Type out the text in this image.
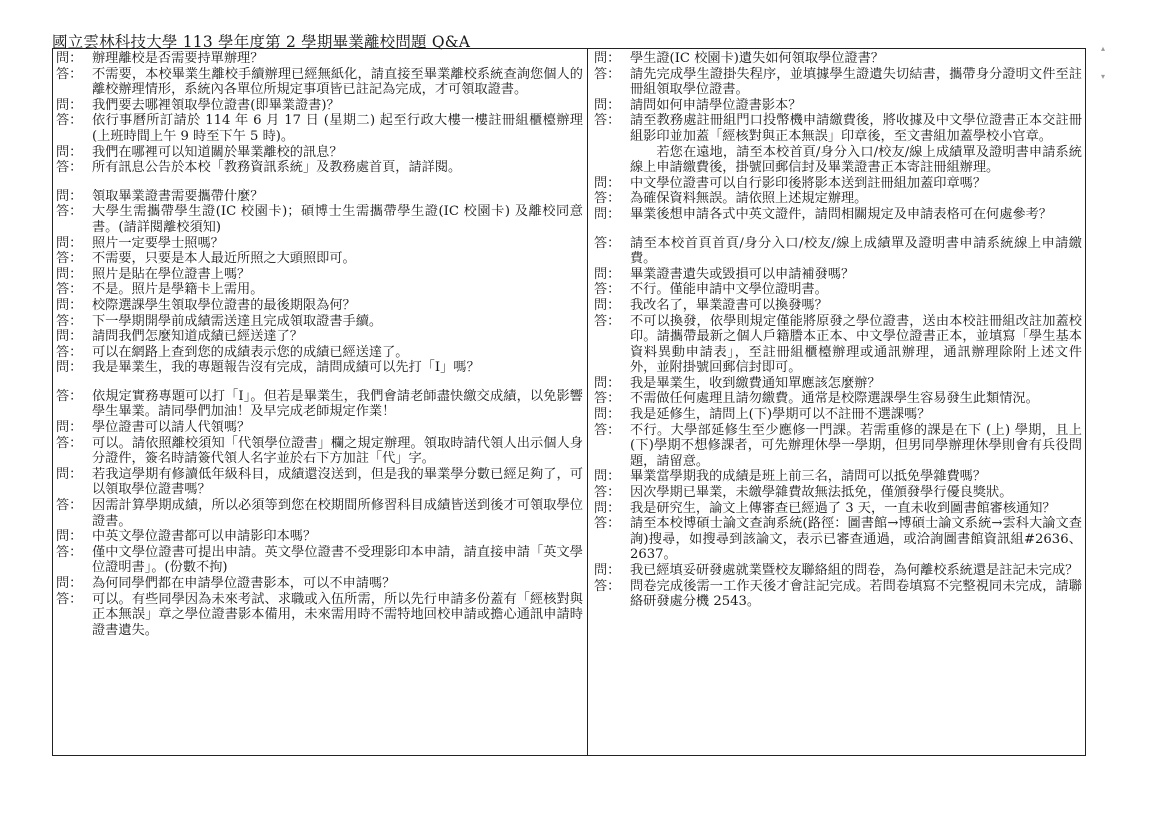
國立雲林科技大學 113 學年度第 2 學期畢業離校問題 Q&A
問： 辦理離校是否需要持單辦理？
答： 不需要，本校畢業生離校手續辦理已經無紙化，請直接至畢業離校系統查詢您個人的離校辦理情形，系統內各單位所規定事項皆已註記為完成，才可領取證書。
問： 我們要去哪裡領取學位證書(即畢業證書)？
答： 依行事曆所訂請於 114 年 6 月 17 日 (星期二) 起至行政大樓一樓註冊組櫃檯辦理(上班時間上午 9 時至下午 5 時)。
問： 我們在哪裡可以知道關於畢業離校的訊息？
答： 所有訊息公告於本校「教務資訊系統」及教務處首頁，請詳閱。
問： 領取畢業證書需要攜帶什麼？
答： 大學生需攜帶學生證(IC 校園卡)；碩博士生需攜帶學生證(IC 校園卡) 及離校同意書。(請詳閱離校須知)
問： 照片一定要學士照嗎？
答： 不需要，只要是本人最近所照之大頭照即可。
問： 照片是貼在學位證書上嗎？
答： 不是。照片是學籍卡上需用。
問： 校際選課學生領取學位證書的最後期限為何？
答： 下一學期開學前成績需送達且完成領取證書手續。
問： 請問我們怎麼知道成績已經送達了？
答： 可以在網路上查到您的成績表示您的成績已經送達了。
問： 我是畢業生，我的專題報告沒有完成，請問成績可以先打「I」嗎？
答： 依規定實務專題可以打「I」。但若是畢業生，我們會請老師盡快繳交成績，以免影響學生畢業。請同學們加油！及早完成老師規定作業！
問： 學位證書可以請人代領嗎？
答： 可以。請依照離校須知「代領學位證書」欄之規定辦理。領取時請代領人出示個人身分證件，簽名時請簽代領人名字並於右下方加註「代」字。
問： 若我這學期有修讀低年級科目，成績還沒送到，但是我的畢業學分數已經足夠了，可以領取學位證書嗎？
答： 因需計算學期成績，所以必須等到您在校期間所修習科目成績皆送到後才可領取學位證書。
問： 中英文學位證書都可以申請影印本嗎？
答： 僅中文學位證書可提出申請。英文學位證書不受理影印本申請，請直接申請「英文學位證明書」。(份數不拘)
問： 為何同學們都在申請學位證書影本，可以不申請嗎？
答： 可以。有些同學因為未來考試、求職或入伍所需，所以先行申請多份蓋有「經核對與正本無誤」章之學位證書影本備用，未來需用時不需特地回校申請或擔心通訊申請時證書遺失。
問： 學生證(IC 校園卡)遺失如何領取學位證書？
答： 請先完成學生證掛失程序，並填據學生證遺失切結書，攜帶身分證明文件至註冊組領取學位證書。
問： 請問如何申請學位證書影本？
答： 請至教務處註冊組門口投幣機申請繳費後，將收據及中文學位證書正本交註冊組影印並加蓋「經核對與正本無誤」印章後，至文書組加蓋學校小官章。
若您在遠地，請至本校首頁/身分入口/校友/線上成績單及證明書申請系統線上申請繳費後，掛號回郵信封及畢業證書正本寄註冊組辦理。
問： 中文學位證書可以自行影印後將影本送到註冊組加蓋印章嗎？
答： 為確保資料無誤。請依照上述規定辦理。
問： 畢業後想申請各式中英文證件，請問相關規定及申請表格可在何處參考？
答： 請至本校首頁首頁/身分入口/校友/線上成績單及證明書申請系統線上申請繳費。
問： 畢業證書遺失或毀損可以申請補發嗎？
答： 不行。僅能申請中文學位證明書。
問： 我改名了，畢業證書可以換發嗎？
答： 不可以換發，依學則規定僅能將原發之學位證書，送由本校註冊組改註加蓋校印。請攜帶最新之個人戶籍謄本正本、中文學位證書正本，並填寫「學生基本資料異動申請表」，至註冊組櫃檯辦理或通訊辦理，通訊辦理除附上述文件外，並附掛號回郵信封即可。
問： 我是畢業生，收到繳費通知單應該怎麼辦？
答： 不需做任何處理且請勿繳費。通常是校際選課學生容易發生此類情況。
問： 我是延修生，請問上(下)學期可以不註冊不選課嗎？
答： 不行。大學部延修生至少應修一門課。若需重修的課是在下 (上) 學期，且上(下)學期不想修課者，可先辦理休學一學期，但男同學辦理休學則會有兵役問題，請留意。
問： 畢業當學期我的成績是班上前三名，請問可以抵免學雜費嗎？
答： 因次學期已畢業，未繳學雜費故無法抵免，僅頒發學行優良獎狀。
問： 我是研究生，論文上傳審查已經過了 3 天，一直未收到圖書館審核通知？
答： 請至本校博碩士論文查詢系統(路徑：圖書館→博碩士論文系統→雲科大論文查詢)搜尋，如搜尋到該論文，表示已審查通過，或洽詢圖書館資訊組#2636、2637。
問： 我已經填妥研發處就業暨校友聯絡組的問卷，為何離校系統還是註記未完成？
答： 問卷完成後需一工作天後才會註記完成。若問卷填寫不完整視同未完成，請聯絡研發處分機 2543。
▴
▾
